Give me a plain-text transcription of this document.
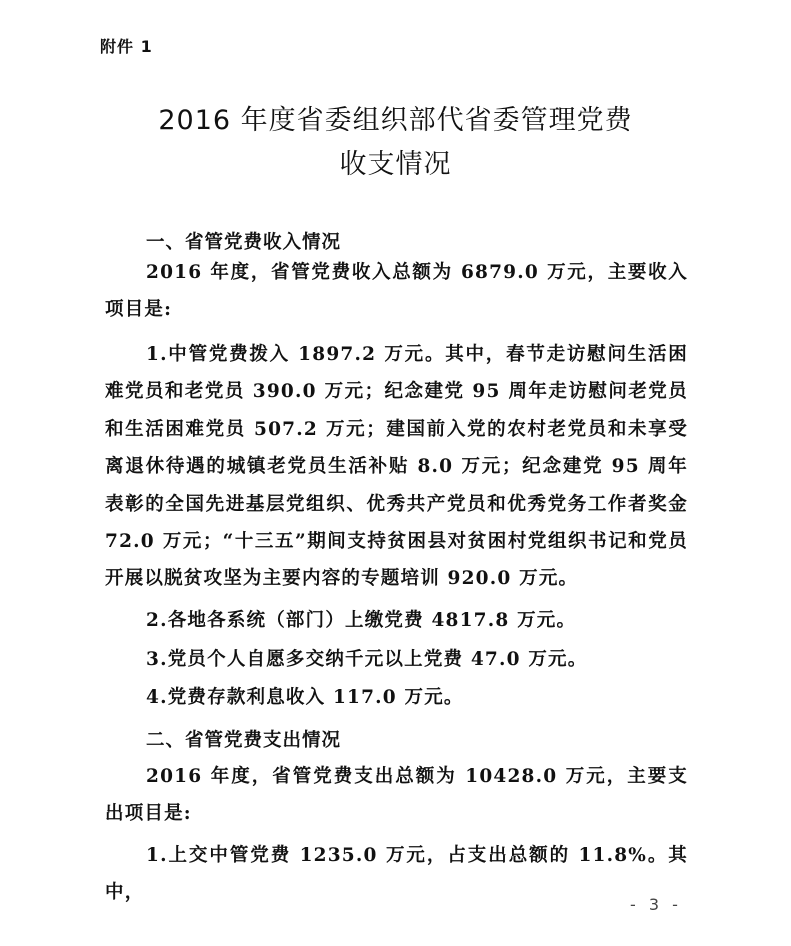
附件 1
2016 年度省委组织部代省委管理党费
收支情况
一、省管党费收入情况
2016 年度，省管党费收入总额为 6879.0 万元，主要收入项目是:
1.中管党费拨入 1897.2 万元。其中，春节走访慰问生活困难党员和老党员 390.0 万元；纪念建党 95 周年走访慰问老党员和生活困难党员 507.2 万元；建国前入党的农村老党员和未享受离退休待遇的城镇老党员生活补贴 8.0 万元；纪念建党 95 周年表彰的全国先进基层党组织、优秀共产党员和优秀党务工作者奖金 72.0 万元；“十三五”期间支持贫困县对贫困村党组织书记和党员开展以脱贫攻坚为主要内容的专题培训 920.0 万元。
2.各地各系统（部门）上缴党费 4817.8 万元。
3.党员个人自愿多交纳千元以上党费 47.0 万元。
4.党费存款利息收入 117.0 万元。
二、省管党费支出情况
2016 年度，省管党费支出总额为 10428.0 万元，主要支出项目是:
1.上交中管党费 1235.0 万元，占支出总额的 11.8%。其中，
- 3 -
